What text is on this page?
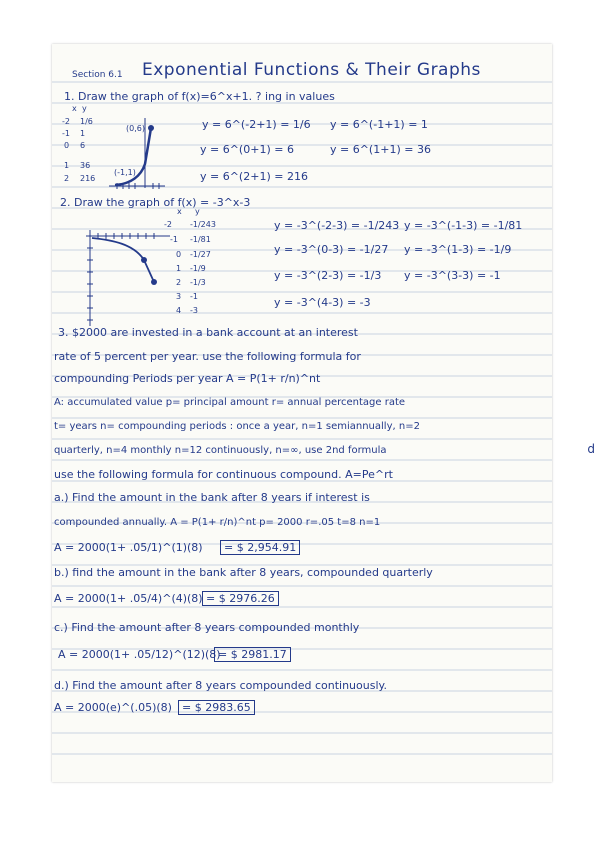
Section 6.1 Exponential Functions & Their Graphs
1. Draw the graph of f(x)=6^x+1. ? ing in values
x y
-2 1/6
-1 1
0 6
1 36
2 216
(0,6)
(-1,1)
y = 6^(-2+1) = 1/6 y = 6^(-1+1) = 1
y = 6^(0+1) = 6	y = 6^(1+1) = 36
y = 6^(2+1) = 216
2. Draw the graph of f(x) = -3^x-3
x y
-2 -1/243
-1 -1/81
0 -1/27
1 -1/9
2 -1/3
3 -1
4 -3
y = -3^(-2-3) = -1/243 y = -3^(-1-3) = -1/81
y = -3^(0-3) = -1/27 y = -3^(1-3) = -1/9
y = -3^(2-3) = -1/3 y = -3^(3-3) = -1
y = -3^(4-3) = -3
3. $2000 are invested in a bank account at an interest
rate of 5 percent per year. use the following formula for
compounding Periods per year A = P(1+ r/n)^nt
A: accumulated value p= principal amount r= annual percentage rate
t= years n= compounding periods : once a year, n=1 semiannually, n=2
quarterly, n=4 monthly n=12 continuously, n=∞, use 2nd formula
use the following formula for continuous compound. A=Pe^rt
a.) Find the amount in the bank after 8 years if interest is
compounded annually. A = P(1+ r/n)^nt p= 2000 r=.05 t=8 n=1
A = 2000(1+ .05/1)^(1)(8)	= $ 2,954.91
b.) find the amount in the bank after 8 years, compounded quarterly
A = 2000(1+ .05/4)^(4)(8) = $ 2976.26
c.) Find the amount after 8 years compounded monthly
A = 2000(1+ .05/12)^(12)(8)
= $ 2981.17
d.) Find the amount after 8 years compounded continuously.
A = 2000(e)^(.05)(8) = $ 2983.65
d
